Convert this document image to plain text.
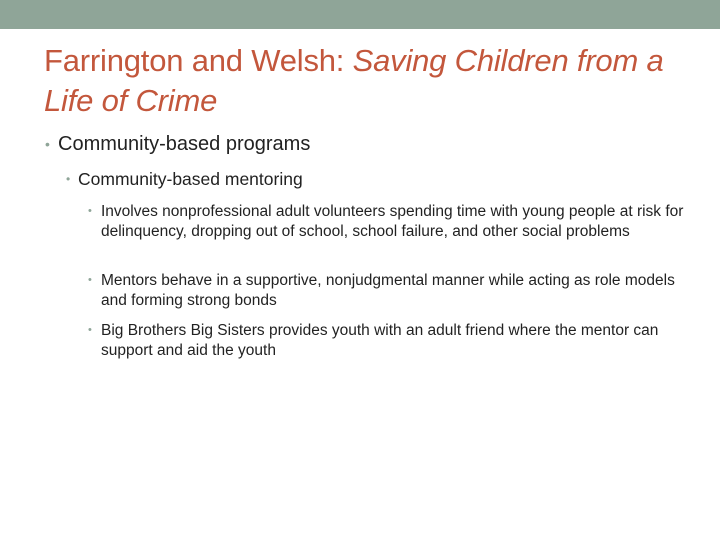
Farrington and Welsh: Saving Children from a Life of Crime
• Community-based programs
• Community-based mentoring
• Involves nonprofessional adult volunteers spending time with young people at risk for delinquency, dropping out of school, school failure, and other social problems
• Mentors behave in a supportive, nonjudgmental manner while acting as role models and forming strong bonds
• Big Brothers Big Sisters provides youth with an adult friend where the mentor can support and aid the youth
